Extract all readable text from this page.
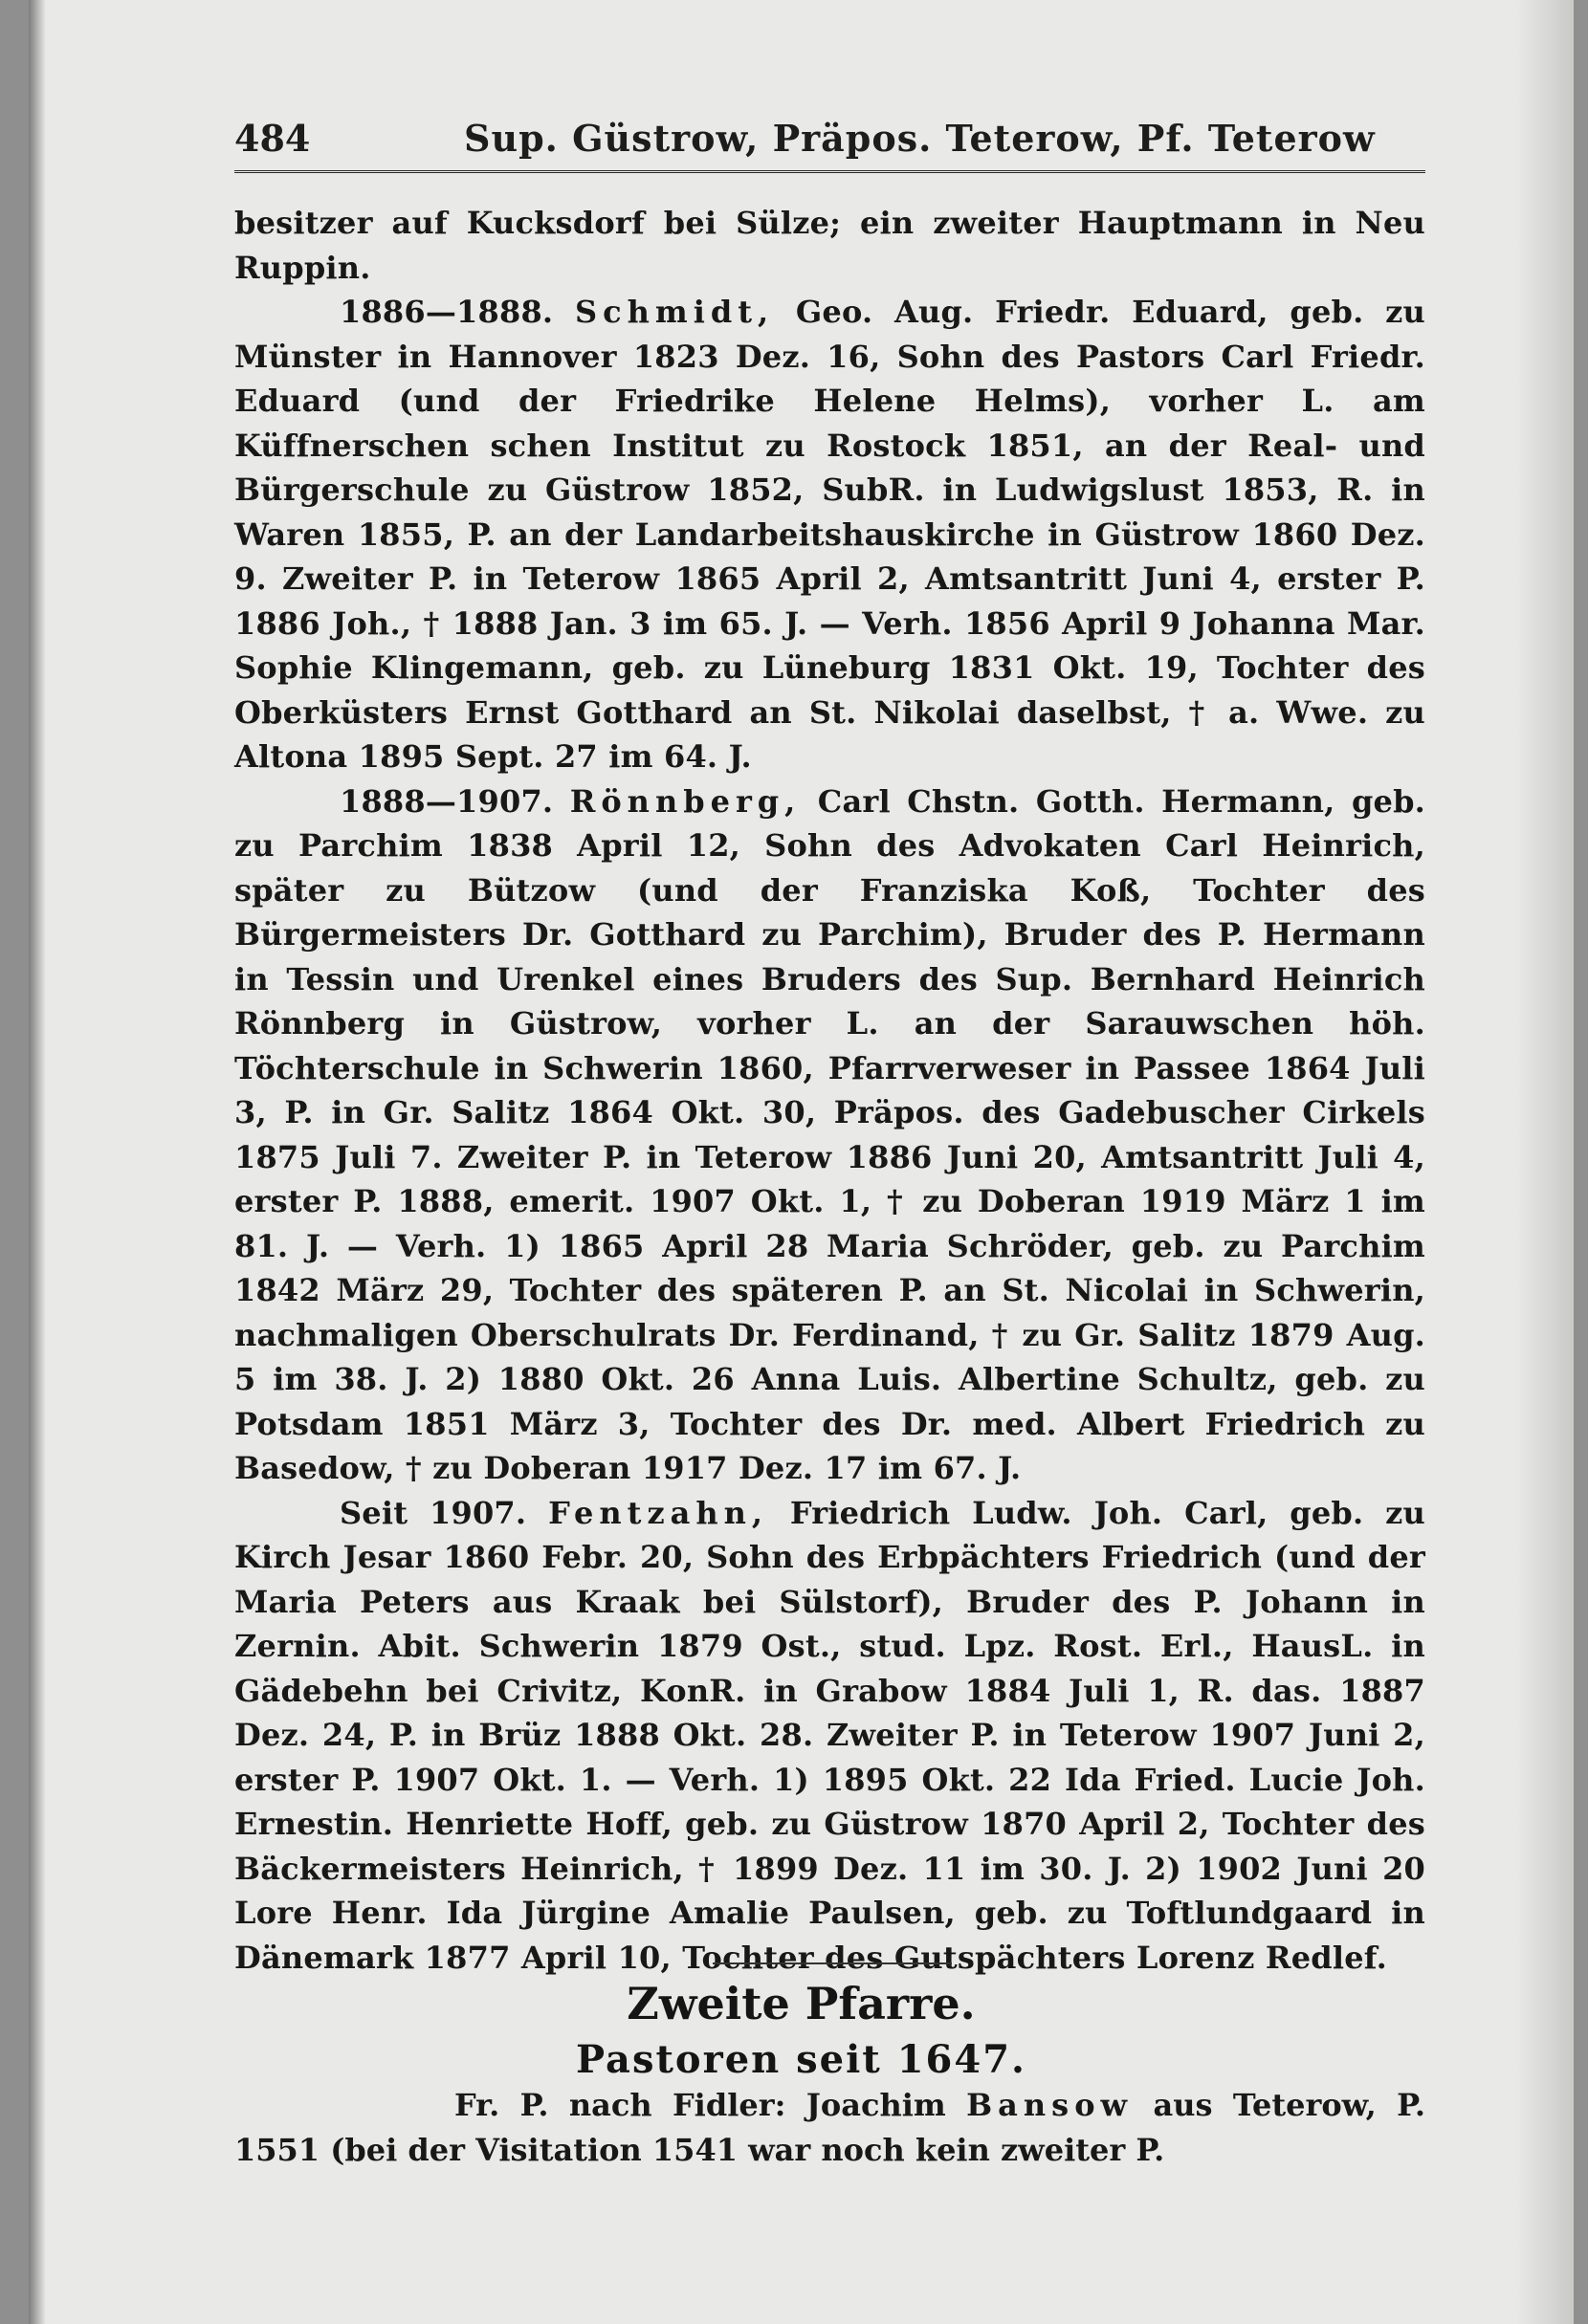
484	Sup. Güstrow, Präpos. Teterow, Pf. Teterow

besitzer auf Kucksdorf bei Sülze; ein zweiter Hauptmann in Neu Ruppin.

1886—1888. Schmidt, Geo. Aug. Friedr. Eduard, geb. zu Münster in Hannover 1823 Dez. 16, Sohn des Pastors Carl Friedr. Eduard (und der Friedrike Helene Helms), vorher L. am Küffnerschen schen Institut zu Rostock 1851, an der Real- und Bürgerschule zu Güstrow 1852, SubR. in Ludwigslust 1853, R. in Waren 1855, P. an der Landarbeitshauskirche in Güstrow 1860 Dez. 9. Zweiter P. in Teterow 1865 April 2, Amtsantritt Juni 4, erster P. 1886 Joh., † 1888 Jan. 3 im 65. J. — Verh. 1856 April 9 Johanna Mar. Sophie Klingemann, geb. zu Lüneburg 1831 Okt. 19, Tochter des Oberküsters Ernst Gotthard an St. Nikolai daselbst, † a. Wwe. zu Altona 1895 Sept. 27 im 64. J.

1888—1907. Rönnberg, Carl Chstn. Gotth. Hermann, geb. zu Parchim 1838 April 12, Sohn des Advokaten Carl Heinrich, später zu Bützow (und der Franziska Koß, Tochter des Bürgermeisters Dr. Gotthard zu Parchim), Bruder des P. Hermann in Tessin und Urenkel eines Bruders des Sup. Bernhard Heinrich Rönnberg in Güstrow, vorher L. an der Sarauwschen höh. Töchterschule in Schwerin 1860, Pfarrverweser in Passee 1864 Juli 3, P. in Gr. Salitz 1864 Okt. 30, Präpos. des Gadebuscher Cirkels 1875 Juli 7. Zweiter P. in Teterow 1886 Juni 20, Amtsantritt Juli 4, erster P. 1888, emerit. 1907 Okt. 1, † zu Doberan 1919 März 1 im 81. J. — Verh. 1) 1865 April 28 Maria Schröder, geb. zu Parchim 1842 März 29, Tochter des späteren P. an St. Nicolai in Schwerin, nachmaligen Oberschulrats Dr. Ferdinand, † zu Gr. Salitz 1879 Aug. 5 im 38. J. 2) 1880 Okt. 26 Anna Luis. Albertine Schultz, geb. zu Potsdam 1851 März 3, Tochter des Dr. med. Albert Friedrich zu Basedow, † zu Doberan 1917 Dez. 17 im 67. J.

Seit 1907. Fentzahn, Friedrich Ludw. Joh. Carl, geb. zu Kirch Jesar 1860 Febr. 20, Sohn des Erbpächters Friedrich (und der Maria Peters aus Kraak bei Sülstorf), Bruder des P. Johann in Zernin. Abit. Schwerin 1879 Ost., stud. Lpz. Rost. Erl., HausL. in Gädebehn bei Crivitz, KonR. in Grabow 1884 Juli 1, R. das. 1887 Dez. 24, P. in Brüz 1888 Okt. 28. Zweiter P. in Teterow 1907 Juni 2, erster P. 1907 Okt. 1. — Verh. 1) 1895 Okt. 22 Ida Fried. Lucie Joh. Ernestin. Henriette Hoff, geb. zu Güstrow 1870 April 2, Tochter des Bäckermeisters Heinrich, † 1899 Dez. 11 im 30. J. 2) 1902 Juni 20 Lore Henr. Ida Jürgine Amalie Paulsen, geb. zu Toftlundgaard in Dänemark 1877 April 10, Tochter des Gutspächters Lorenz Redlef.

Zweite Pfarre.
Pastoren seit 1647.

Fr. P. nach Fidler: Joachim Bansow aus Teterow, P. 1551 (bei der Visitation 1541 war noch kein zweiter P.
